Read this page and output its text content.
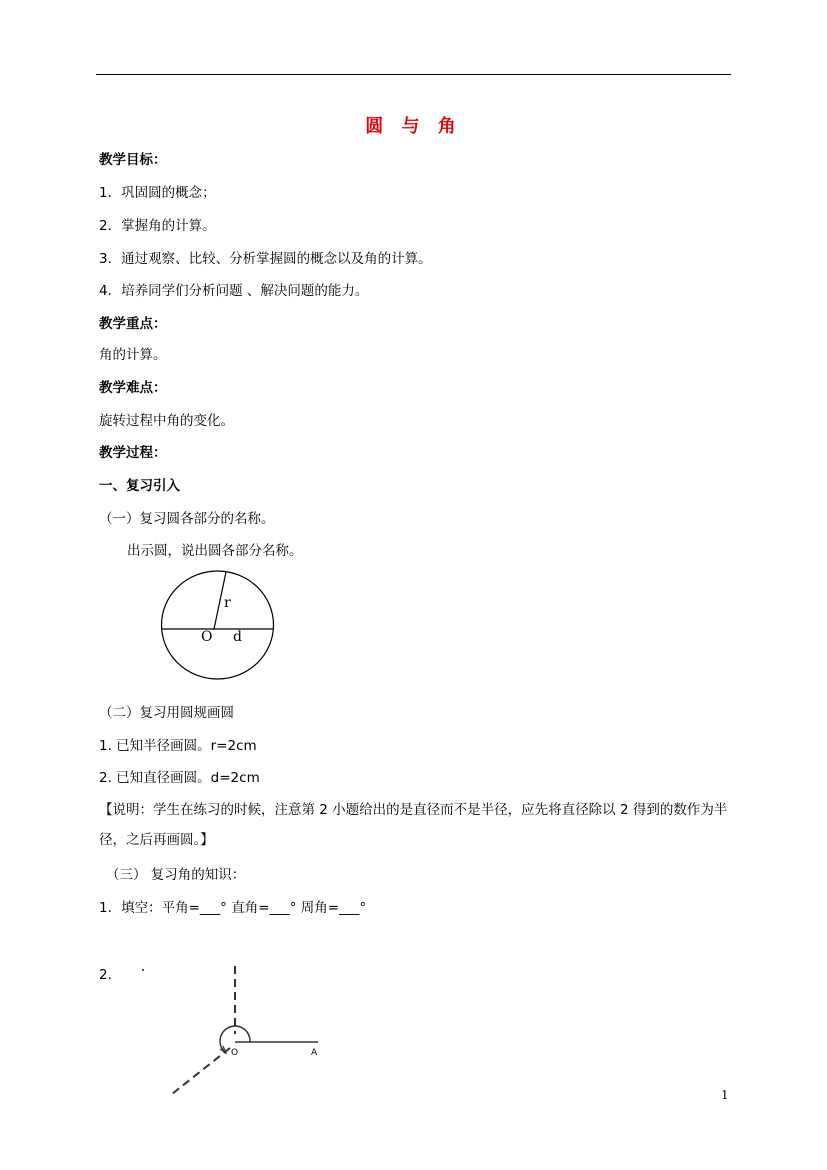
圆 与 角
教学目标：
1．巩固圆的概念；
2．掌握角的计算。
3．通过观察、比较、分析掌握圆的概念以及角的计算。
4．培养同学们分析问题 、解决问题的能力。
教学重点：
角的计算。
教学难点：
旋转过程中角的变化。
教学过程：
一、复习引入
（一）复习圆各部分的名称。
出示圆，说出圆各部分名称。
r
O d
（二）复习用圆规画圆
1. 已知半径画圆。r=2cm
2. 已知直径画圆。d=2cm
【说明：学生在练习的时候，注意第 2 小题给出的是直径而不是半径，应先将直径除以 2 得到的数作为半径，之后再画圆。】
（三） 复习角的知识：
1．填空：平角=___° 直角=___° 周角=___°
2．
O	A
1
